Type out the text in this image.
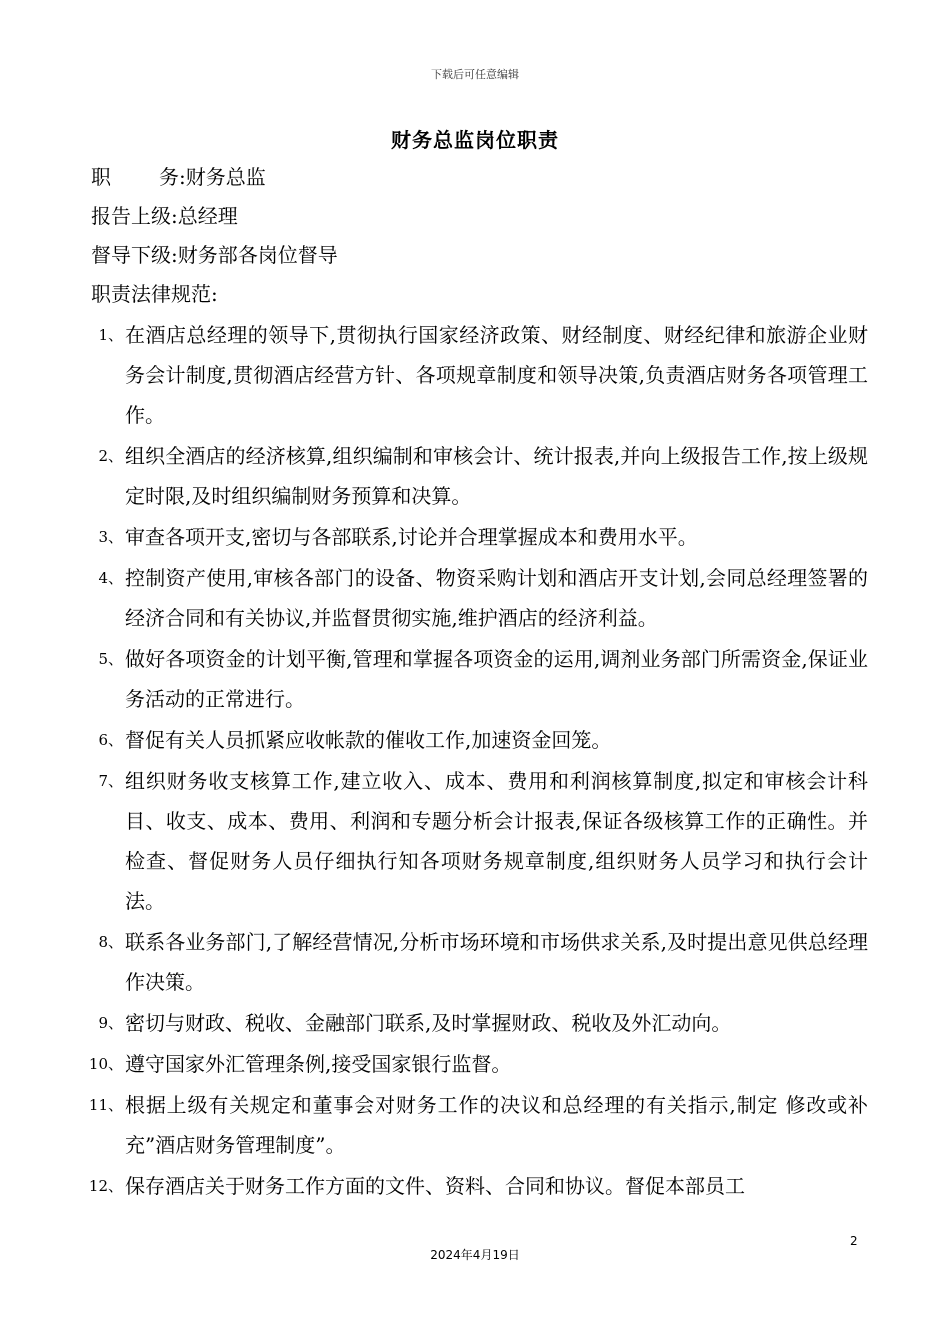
下载后可任意编辑
财务总监岗位职责
职 务:财务总监
报告上级:总经理
督导下级:财务部各岗位督导
职责法律规范:
1、 在酒店总经理的领导下,贯彻执行国家经济政策、财经制度、财经纪律和旅游企业财务会计制度,贯彻酒店经营方针、各项规章制度和领导决策,负责酒店财务各项管理工作。
2、 组织全酒店的经济核算,组织编制和审核会计、统计报表,并向上级报告工作,按上级规定时限,及时组织编制财务预算和决算。
3、 审查各项开支,密切与各部联系,讨论并合理掌握成本和费用水平。
4、 控制资产使用,审核各部门的设备、物资采购计划和酒店开支计划,会同总经理签署的经济合同和有关协议,并监督贯彻实施,维护酒店的经济利益。
5、 做好各项资金的计划平衡,管理和掌握各项资金的运用,调剂业务部门所需资金,保证业务活动的正常进行。
6、 督促有关人员抓紧应收帐款的催收工作,加速资金回笼。
7、 组织财务收支核算工作,建立收入、成本、费用和利润核算制度,拟定和审核会计科目、收支、成本、费用、利润和专题分析会计报表,保证各级核算工作的正确性。并检查、督促财务人员仔细执行知各项财务规章制度,组织财务人员学习和执行会计法。
8、 联系各业务部门,了解经营情况,分析市场环境和市场供求关系,及时提出意见供总经理作决策。
9、 密切与财政、税收、金融部门联系,及时掌握财政、税收及外汇动向。
10、 遵守国家外汇管理条例,接受国家银行监督。
11、 根据上级有关规定和董事会对财务工作的决议和总经理的有关指示,制定 修改或补充”酒店财务管理制度”。
12、 保存酒店关于财务工作方面的文件、资料、合同和协议。督促本部员工
2
2024年4月19日
